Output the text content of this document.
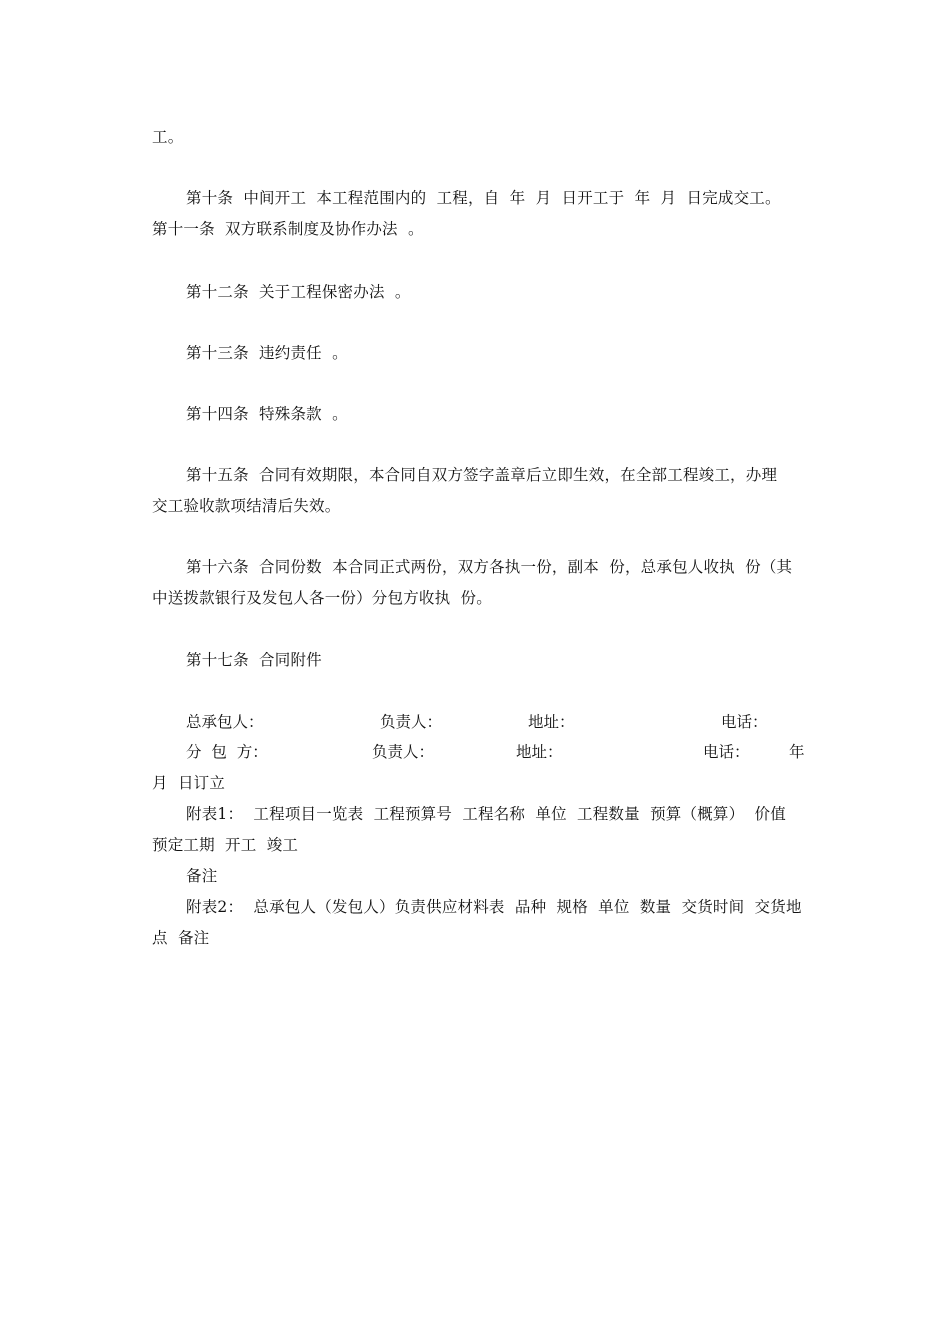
工。
第十条  中间开工  本工程范围内的  工程，自  年  月  日开工于  年  月  日完成交工。
第十一条  双方联系制度及协作办法  。
第十二条  关于工程保密办法  。
第十三条  违约责任  。
第十四条  特殊条款  。
第十五条  合同有效期限，本合同自双方签字盖章后立即生效，在全部工程竣工，办理
交工验收款项结清后失效。
第十六条  合同份数  本合同正式两份，双方各执一份，副本  份，总承包人收执  份（其
中送拨款银行及发包人各一份）分包方收执  份。
第十七条  合同附件
总承包人：	负责人：	地址：	电话：
分  包  方：	负责人：	地址：	电话：	年
月  日订立
附表1：  工程项目一览表  工程预算号  工程名称  单位  工程数量  预算（概算）  价值
预定工期  开工  竣工
备注
附表2：  总承包人（发包人）负责供应材料表  品种  规格  单位  数量  交货时间  交货地
点  备注
